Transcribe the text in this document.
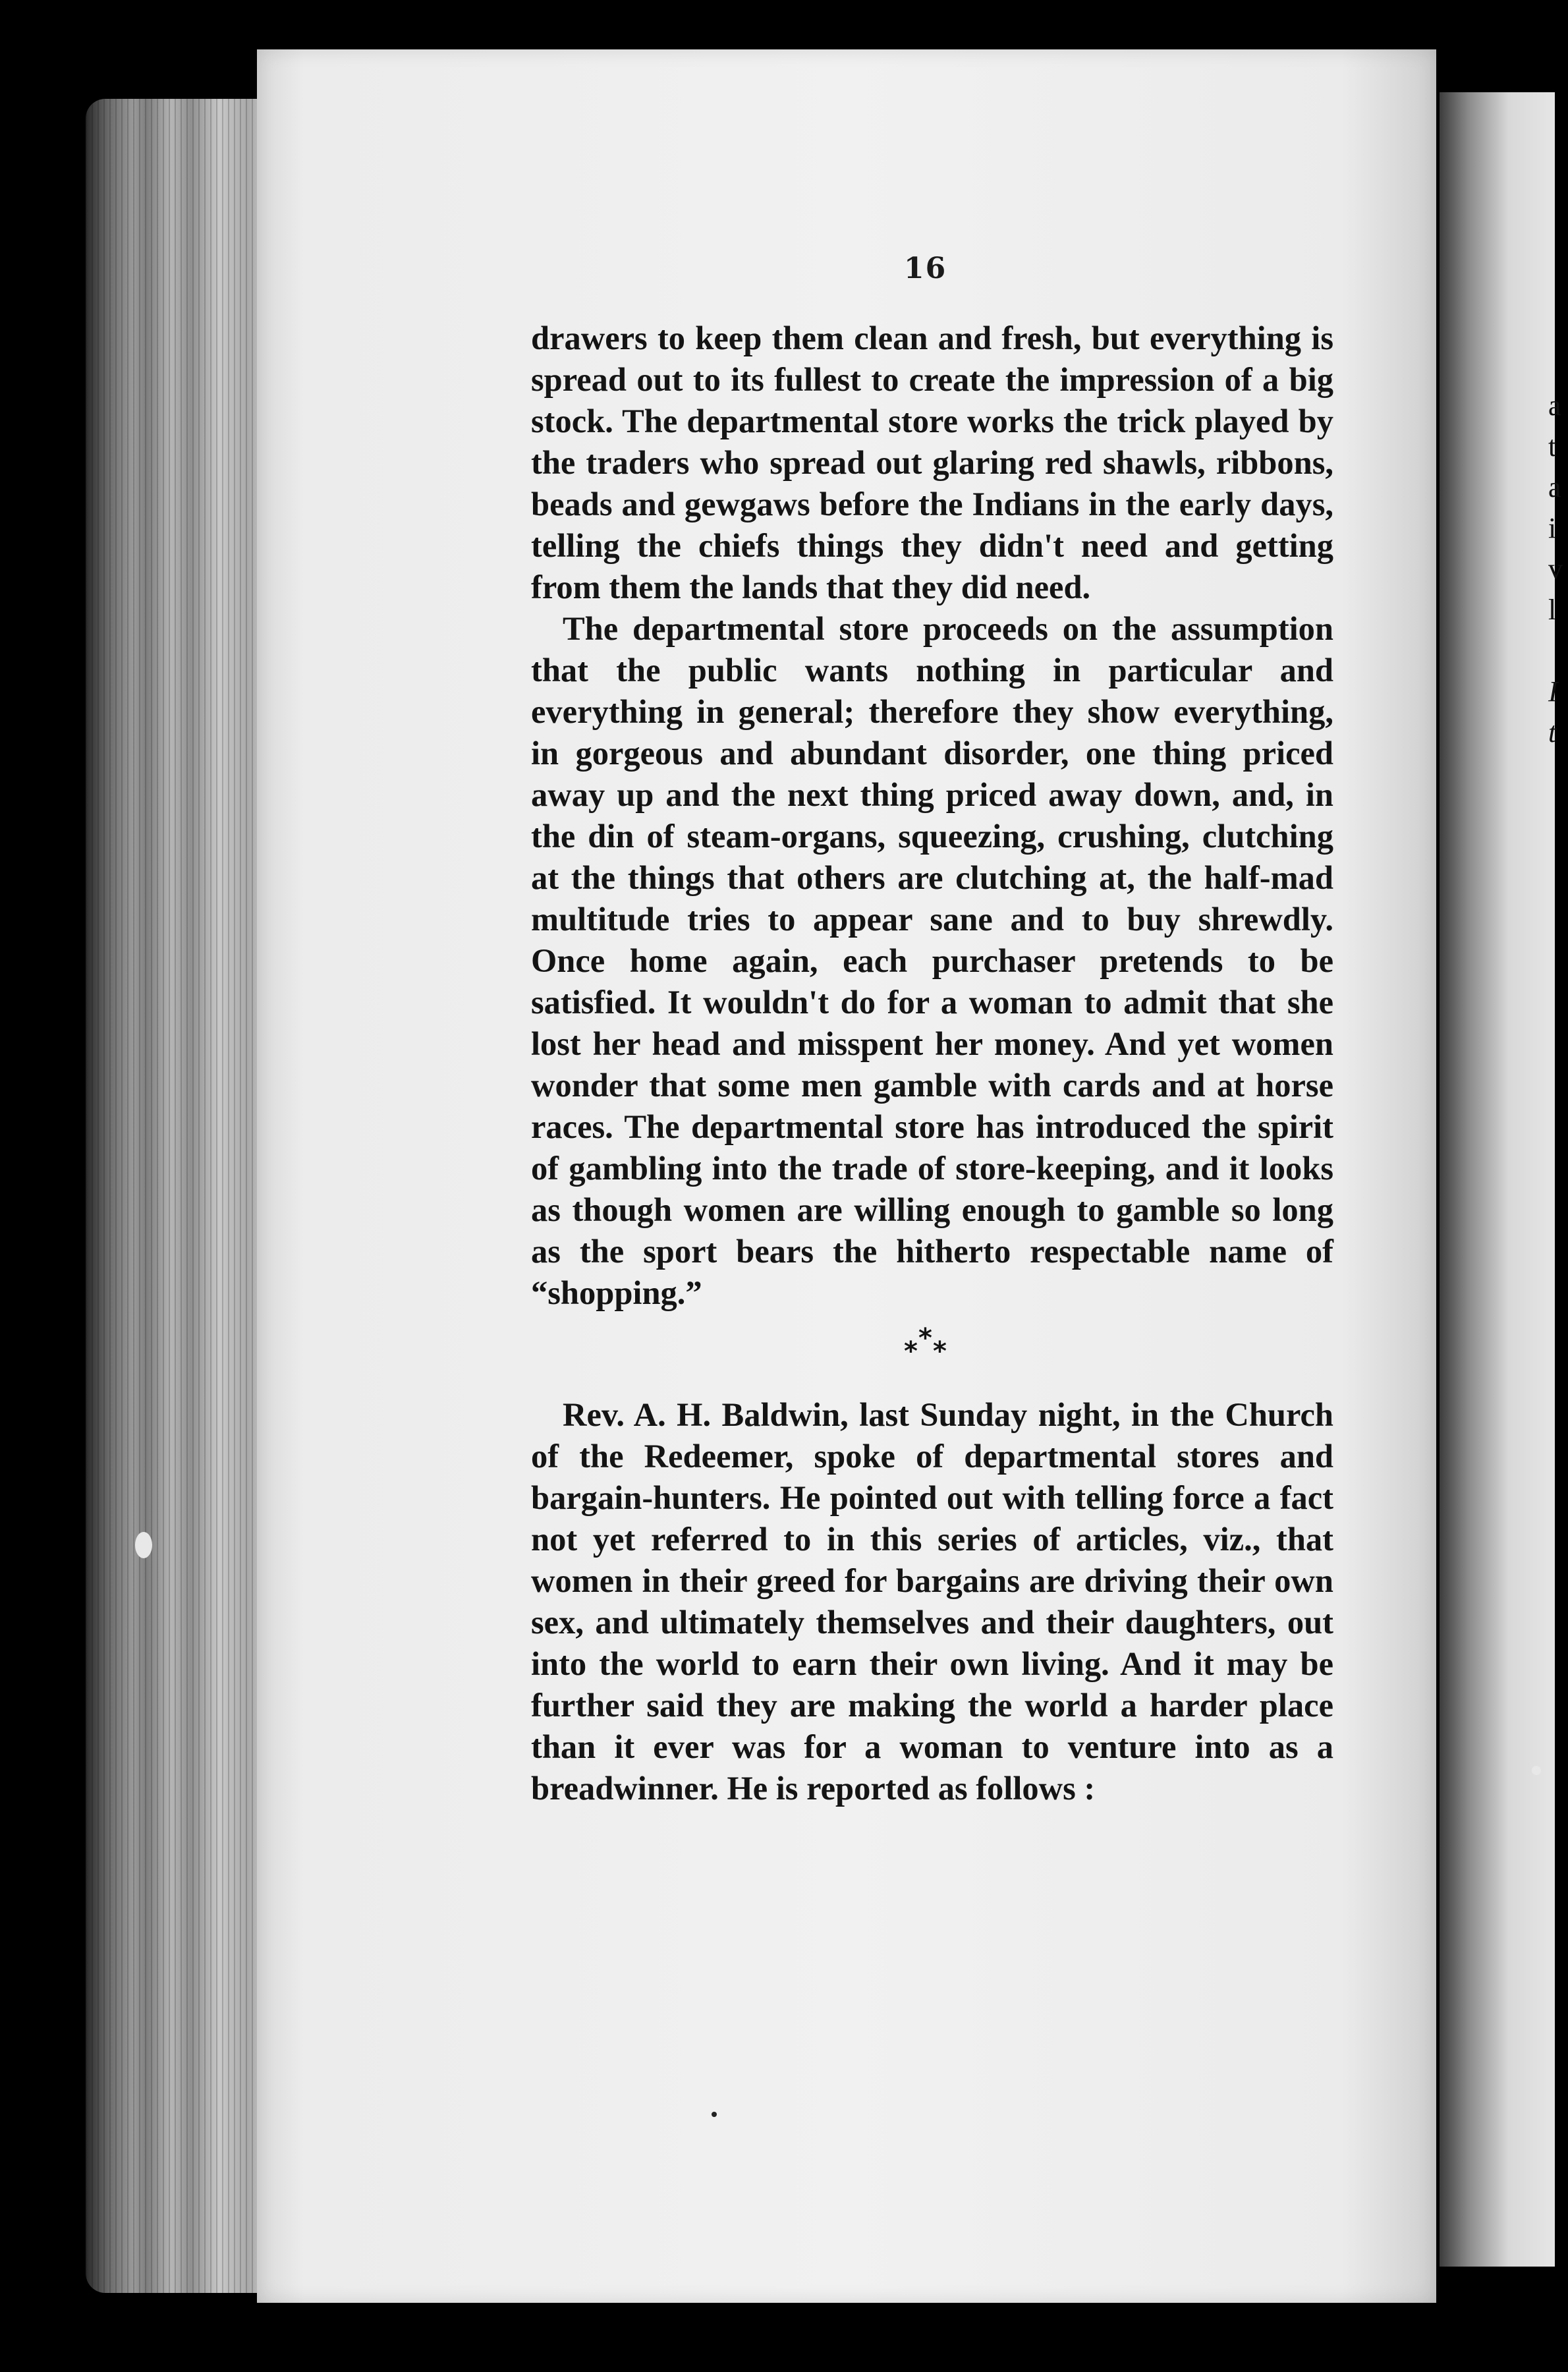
a
t
a
i
v
l

I
t
16

drawers to keep them clean and fresh, but everything is spread out to its fullest to create the impression of a big stock. The departmental store works the trick played by the traders who spread out glaring red shawls, ribbons, beads and gewgaws before the Indians in the early days, telling the chiefs things they didn't need and getting from them the lands that they did need.

The departmental store proceeds on the assumption that the public wants nothing in particular and everything in general; therefore they show everything, in gorgeous and abundant disorder, one thing priced away up and the next thing priced away down, and, in the din of steam-organs, squeezing, crushing, clutching at the things that others are clutching at, the half-mad multitude tries to appear sane and to buy shrewdly. Once home again, each purchaser pretends to be satisfied. It wouldn't do for a woman to admit that she lost her head and misspent her money. And yet women wonder that some men gamble with cards and at horse races. The departmental store has introduced the spirit of gambling into the trade of store-keeping, and it looks as though women are willing enough to gamble so long as the sport bears the hitherto respectable name of “shopping.”

*
* *

Rev. A. H. Baldwin, last Sunday night, in the Church of the Redeemer, spoke of departmental stores and bargain-hunters. He pointed out with telling force a fact not yet referred to in this series of articles, viz., that women in their greed for bargains are driving their own sex, and ultimately themselves and their daughters, out into the world to earn their own living. And it may be further said they are making the world a harder place than it ever was for a woman to venture into as a breadwinner. He is reported as follows :
